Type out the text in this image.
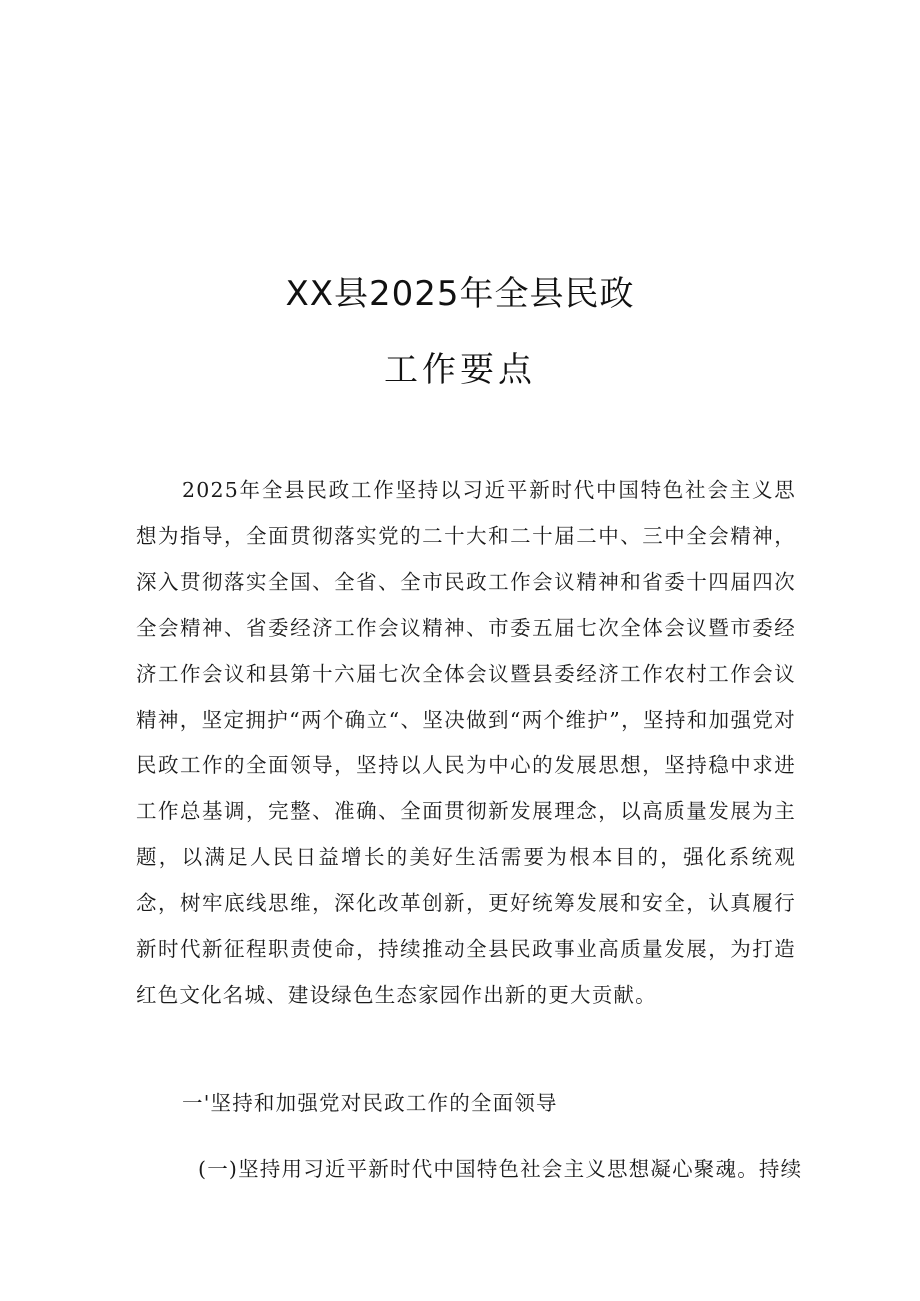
XX县2025年全县民政
工作要点
2025年全县民政工作坚持以习近平新时代中国特色社会主义思想为指导，全面贯彻落实党的二十大和二十届二中、三中全会精神，深入贯彻落实全国、全省、全市民政工作会议精神和省委十四届四次全会精神、省委经济工作会议精神、市委五届七次全体会议暨市委经济工作会议和县第十六届七次全体会议暨县委经济工作农村工作会议精神，坚定拥护“两个确立“、坚决做到“两个维护”，坚持和加强党对民政工作的全面领导，坚持以人民为中心的发展思想，坚持稳中求进工作总基调，完整、准确、全面贯彻新发展理念，以高质量发展为主题，以满足人民日益增长的美好生活需要为根本目的，强化系统观念，树牢底线思维，深化改革创新，更好统筹发展和安全，认真履行新时代新征程职责使命，持续推动全县民政事业高质量发展，为打造红色文化名城、建设绿色生态家园作出新的更大贡献。
一'坚持和加强党对民政工作的全面领导
(一)坚持用习近平新时代中国特色社会主义思想凝心聚魂。持续
